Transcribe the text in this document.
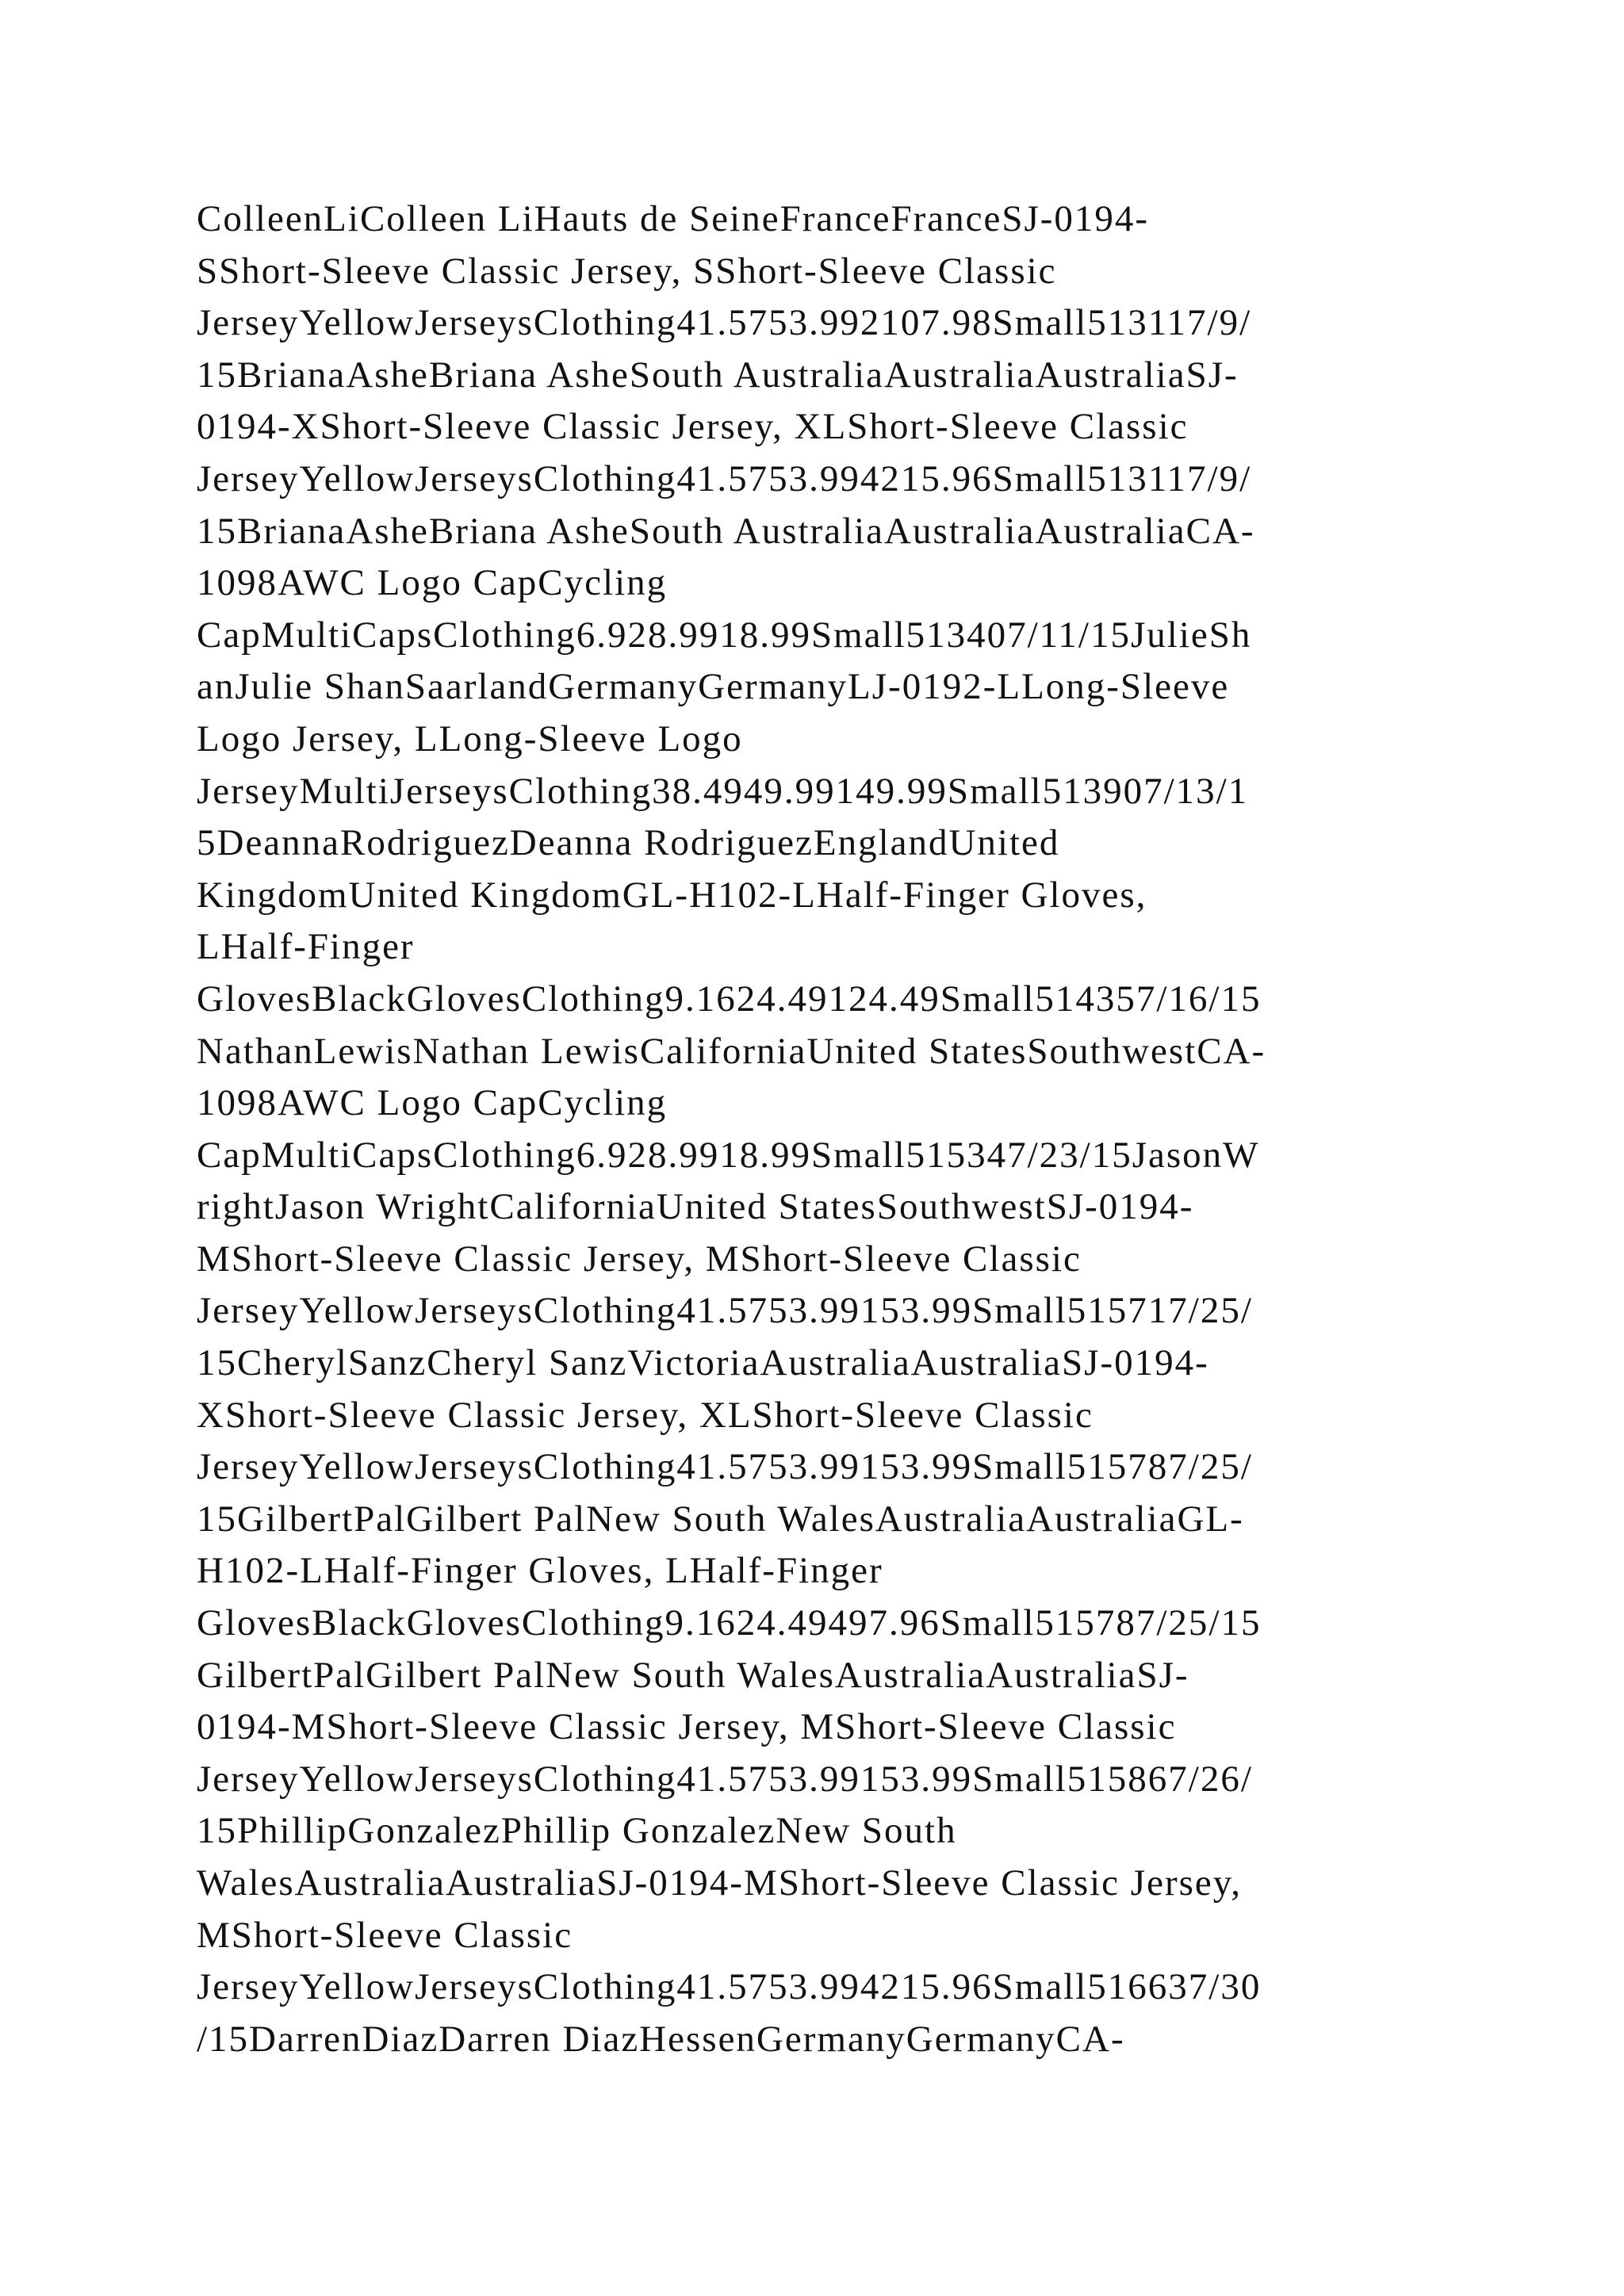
ColleenLiColleen LiHauts de SeineFranceFranceSJ-0194-
SShort-Sleeve Classic Jersey, SShort-Sleeve Classic
JerseyYellowJerseysClothing41.5753.992107.98Small513117/9/
15BrianaAsheBriana AsheSouth AustraliaAustraliaAustraliaSJ-
0194-XShort-Sleeve Classic Jersey, XLShort-Sleeve Classic
JerseyYellowJerseysClothing41.5753.994215.96Small513117/9/
15BrianaAsheBriana AsheSouth AustraliaAustraliaAustraliaCA-
1098AWC Logo CapCycling
CapMultiCapsClothing6.928.9918.99Small513407/11/15JulieSh
anJulie ShanSaarlandGermanyGermanyLJ-0192-LLong-Sleeve
Logo Jersey, LLong-Sleeve Logo
JerseyMultiJerseysClothing38.4949.99149.99Small513907/13/1
5DeannaRodriguezDeanna RodriguezEnglandUnited
KingdomUnited KingdomGL-H102-LHalf-Finger Gloves,
LHalf-Finger
GlovesBlackGlovesClothing9.1624.49124.49Small514357/16/15
NathanLewisNathan LewisCaliforniaUnited StatesSouthwestCA-
1098AWC Logo CapCycling
CapMultiCapsClothing6.928.9918.99Small515347/23/15JasonW
rightJason WrightCaliforniaUnited StatesSouthwestSJ-0194-
MShort-Sleeve Classic Jersey, MShort-Sleeve Classic
JerseyYellowJerseysClothing41.5753.99153.99Small515717/25/
15CherylSanzCheryl SanzVictoriaAustraliaAustraliaSJ-0194-
XShort-Sleeve Classic Jersey, XLShort-Sleeve Classic
JerseyYellowJerseysClothing41.5753.99153.99Small515787/25/
15GilbertPalGilbert PalNew South WalesAustraliaAustraliaGL-
H102-LHalf-Finger Gloves, LHalf-Finger
GlovesBlackGlovesClothing9.1624.49497.96Small515787/25/15
GilbertPalGilbert PalNew South WalesAustraliaAustraliaSJ-
0194-MShort-Sleeve Classic Jersey, MShort-Sleeve Classic
JerseyYellowJerseysClothing41.5753.99153.99Small515867/26/
15PhillipGonzalezPhillip GonzalezNew South
WalesAustraliaAustraliaSJ-0194-MShort-Sleeve Classic Jersey,
MShort-Sleeve Classic
JerseyYellowJerseysClothing41.5753.994215.96Small516637/30
/15DarrenDiazDarren DiazHessenGermanyGermanyCA-
